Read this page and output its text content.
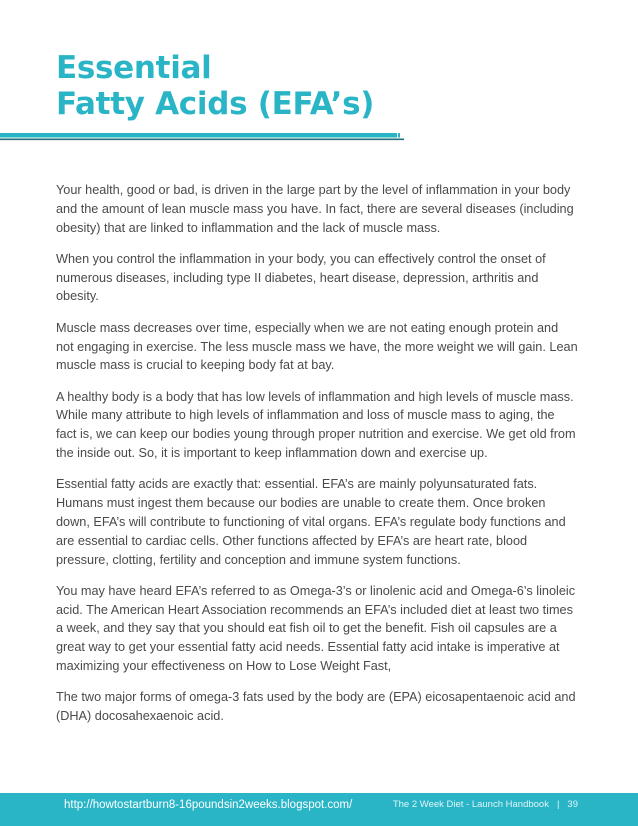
Essential
Fatty Acids (EFA’s)

Your health, good or bad, is driven in the large part by the level of inflammation in your body and the amount of lean muscle mass you have. In fact, there are several diseases (including obesity) that are linked to inflammation and the lack of muscle mass.

When you control the inflammation in your body, you can effectively control the onset of numerous diseases, including type II diabetes, heart disease, depression, arthritis and obesity.

Muscle mass decreases over time, especially when we are not eating enough protein and not engaging in exercise. The less muscle mass we have, the more weight we will gain. Lean muscle mass is crucial to keeping body fat at bay.

A healthy body is a body that has low levels of inflammation and high levels of muscle mass. While many attribute to high levels of inflammation and loss of muscle mass to aging, the fact is, we can keep our bodies young through proper nutrition and exercise. We get old from the inside out. So, it is important to keep inflammation down and exercise up.

Essential fatty acids are exactly that: essential. EFA’s are mainly polyunsaturated fats. Humans must ingest them because our bodies are unable to create them. Once broken down, EFA’s will contribute to functioning of vital organs. EFA’s regulate body functions and are essential to cardiac cells. Other functions affected by EFA’s are heart rate, blood pressure, clotting, fertility and conception and immune system functions.

You may have heard EFA’s referred to as Omega-3’s or linolenic acid and Omega-6’s linoleic acid. The American Heart Association recommends an EFA’s included diet at least two times a week, and they say that you should eat fish oil to get the benefit. Fish oil capsules are a great way to get your essential fatty acid needs. Essential fatty acid intake is imperative at maximizing your effectiveness on How to Lose Weight Fast,

The two major forms of omega-3 fats used by the body are (EPA) eicosapentaenoic acid and (DHA) docosahexaenoic acid.

http://howtostartburn8-16poundsin2weeks.blogspot.com/	The 2 Week Diet - Launch Handbook | 39
